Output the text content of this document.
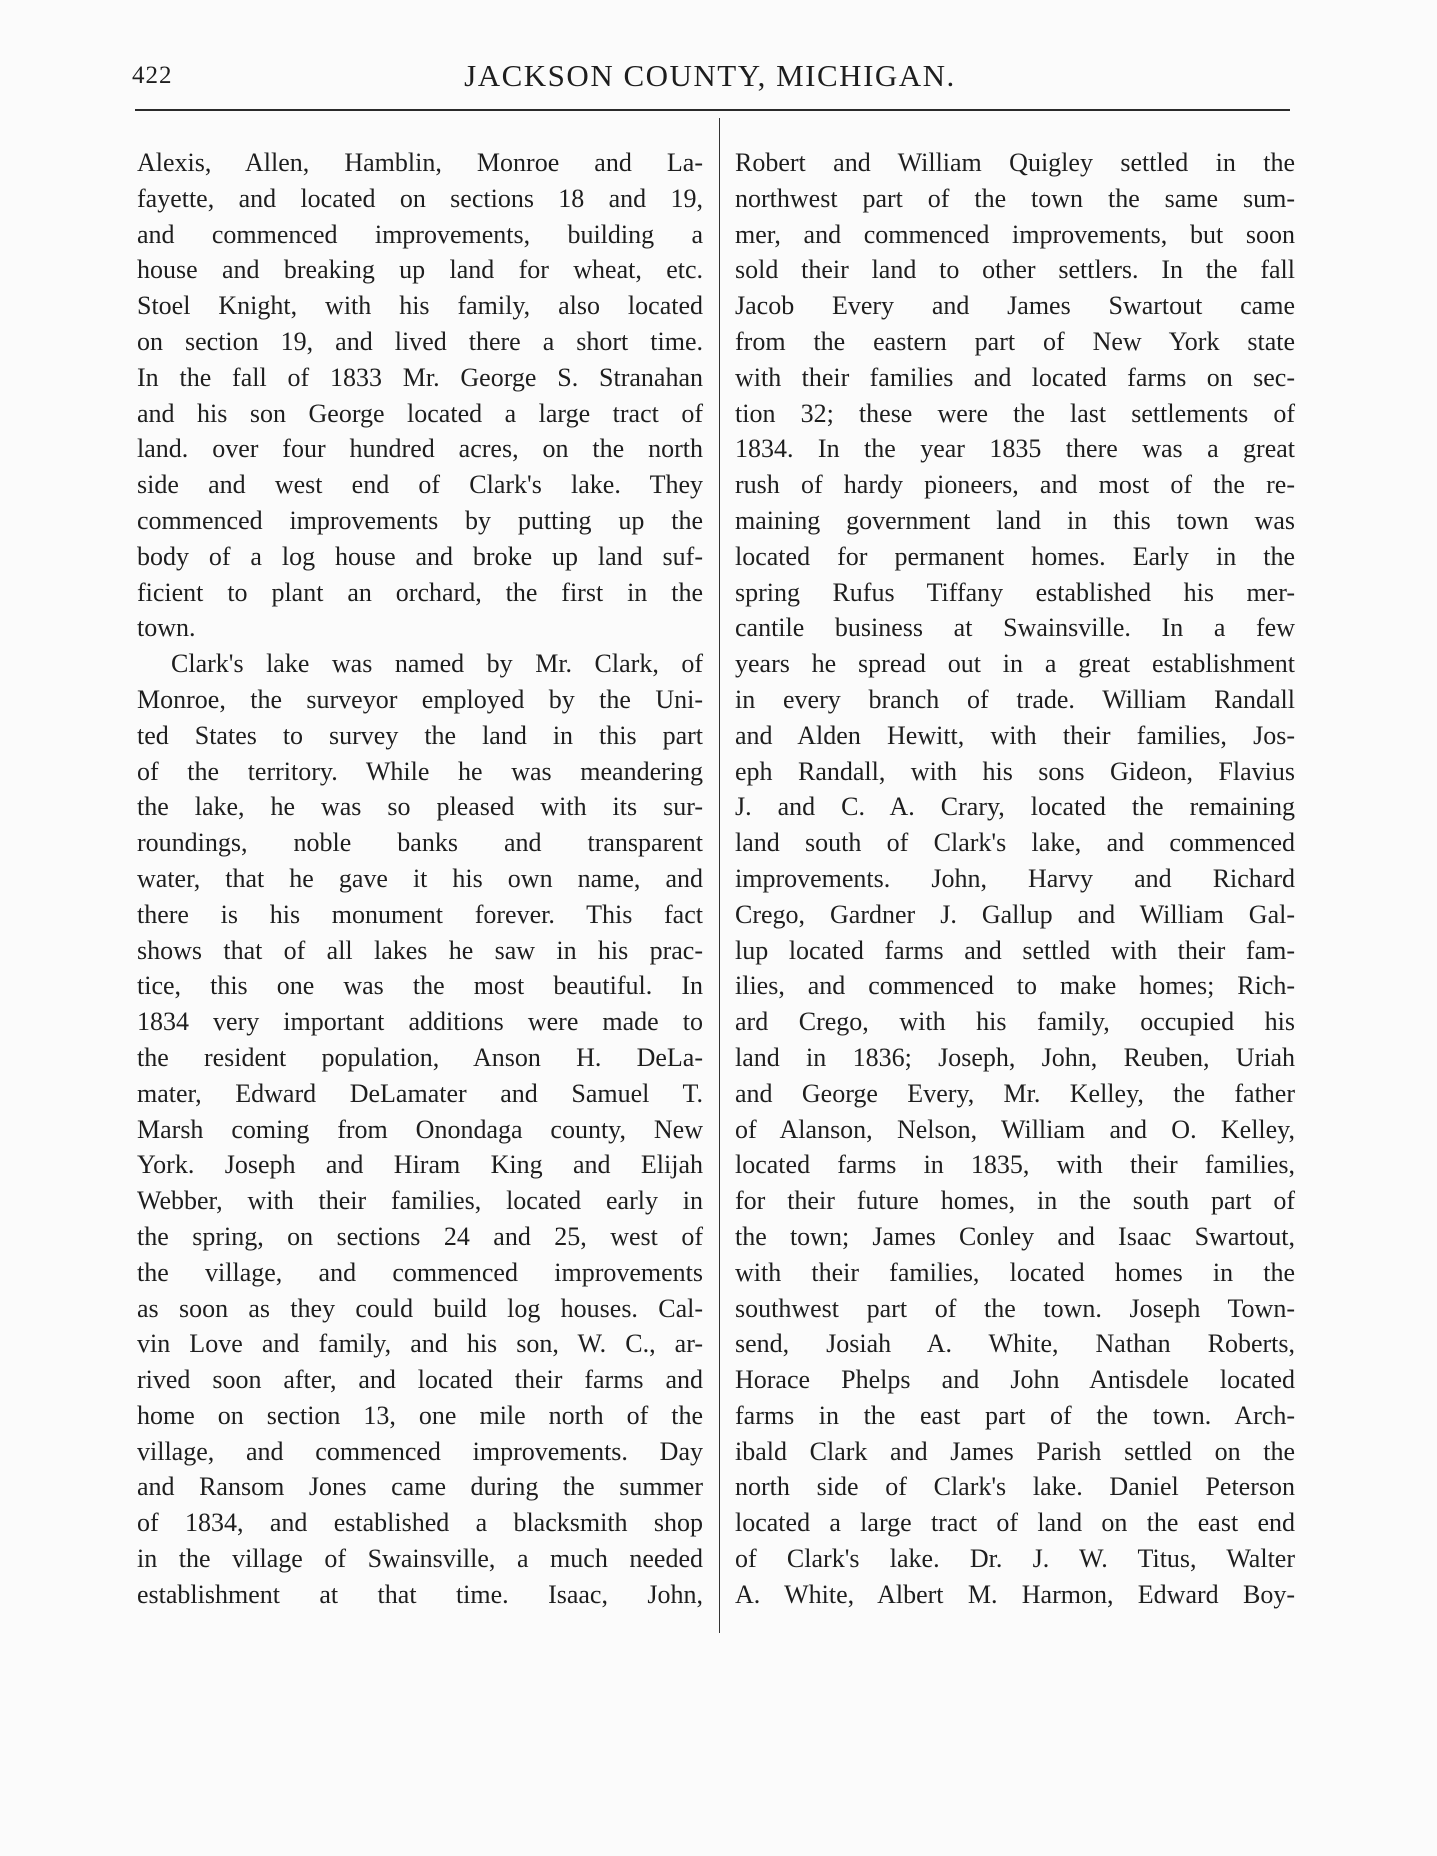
422	JACKSON COUNTY, MICHIGAN.
Alexis, Allen, Hamblin, Monroe and La-
fayette, and located on sections 18 and 19,
and commenced improvements, building a
house and breaking up land for wheat, etc.
Stoel Knight, with his family, also located
on section 19, and lived there a short time.
In the fall of 1833 Mr. George S. Stranahan
and his son George located a large tract of
land. over four hundred acres, on the north
side and west end of Clark's lake. They
commenced improvements by putting up the
body of a log house and broke up land suf-
ficient to plant an orchard, the first in the
town.
Clark's lake was named by Mr. Clark, of
Monroe, the surveyor employed by the Uni-
ted States to survey the land in this part
of the territory. While he was meandering
the lake, he was so pleased with its sur-
roundings, noble banks and transparent
water, that he gave it his own name, and
there is his monument forever. This fact
shows that of all lakes he saw in his prac-
tice, this one was the most beautiful. In
1834 very important additions were made to
the resident population, Anson H. DeLa-
mater, Edward DeLamater and Samuel T.
Marsh coming from Onondaga county, New
York. Joseph and Hiram King and Elijah
Webber, with their families, located early in
the spring, on sections 24 and 25, west of
the village, and commenced improvements
as soon as they could build log houses. Cal-
vin Love and family, and his son, W. C., ar-
rived soon after, and located their farms and
home on section 13, one mile north of the
village, and commenced improvements. Day
and Ransom Jones came during the summer
of 1834, and established a blacksmith shop
in the village of Swainsville, a much needed
establishment at that time. Isaac, John,
Robert and William Quigley settled in the
northwest part of the town the same sum-
mer, and commenced improvements, but soon
sold their land to other settlers. In the fall
Jacob Every and James Swartout came
from the eastern part of New York state
with their families and located farms on sec-
tion 32; these were the last settlements of
1834. In the year 1835 there was a great
rush of hardy pioneers, and most of the re-
maining government land in this town was
located for permanent homes. Early in the
spring Rufus Tiffany established his mer-
cantile business at Swainsville. In a few
years he spread out in a great establishment
in every branch of trade. William Randall
and Alden Hewitt, with their families, Jos-
eph Randall, with his sons Gideon, Flavius
J. and C. A. Crary, located the remaining
land south of Clark's lake, and commenced
improvements. John, Harvy and Richard
Crego, Gardner J. Gallup and William Gal-
lup located farms and settled with their fam-
ilies, and commenced to make homes; Rich-
ard Crego, with his family, occupied his
land in 1836; Joseph, John, Reuben, Uriah
and George Every, Mr. Kelley, the father
of Alanson, Nelson, William and O. Kelley,
located farms in 1835, with their families,
for their future homes, in the south part of
the town; James Conley and Isaac Swartout,
with their families, located homes in the
southwest part of the town. Joseph Town-
send, Josiah A. White, Nathan Roberts,
Horace Phelps and John Antisdele located
farms in the east part of the town. Arch-
ibald Clark and James Parish settled on the
north side of Clark's lake. Daniel Peterson
located a large tract of land on the east end
of Clark's lake. Dr. J. W. Titus, Walter
A. White, Albert M. Harmon, Edward Boy-
